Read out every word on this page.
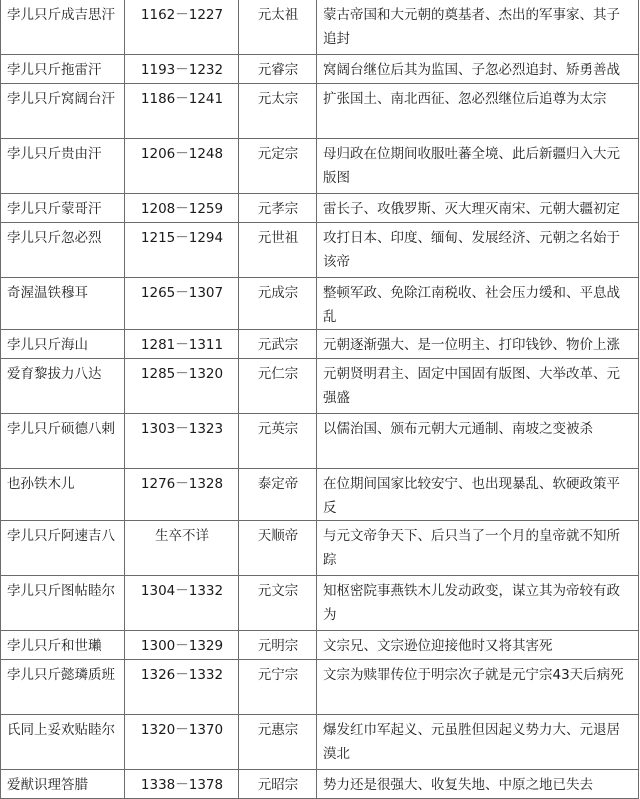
孛儿只斤成吉思汗	1162－1227	元太祖	蒙古帝国和大元朝的奠基者、杰出的军事家、其子追封
孛儿只斤拖雷汗	1193－1232	元睿宗	窝阔台继位后其为监国、子忽必烈追封、矫勇善战
孛儿只斤窝阔台汗	1186－1241	元太宗	扩张国土、南北西征、忽必烈继位后追尊为太宗
孛儿只斤贵由汗	1206－1248	元定宗	母归政在位期间收服吐蕃全境、此后新疆归入大元版图
孛儿只斤蒙哥汗	1208－1259	元孝宗	雷长子、攻俄罗斯、灭大理灭南宋、元朝大疆初定
孛儿只斤忽必烈	1215－1294	元世祖	攻打日本、印度、缅甸、发展经济、元朝之名始于该帝
奇渥温铁穆耳	1265－1307	元成宗	整顿军政、免除江南税收、社会压力缓和、平息战乱
孛儿只斤海山	1281－1311	元武宗	元朝逐渐强大、是一位明主、打印钱钞、物价上涨
爱育黎拔力八达	1285－1320	元仁宗	元朝贤明君主、固定中国固有版图、大举改革、元强盛
孛儿只斤硕德八剌	1303－1323	元英宗	以儒治国、颁布元朝大元通制、南坡之变被杀
也孙铁木儿	1276－1328	泰定帝	在位期间国家比较安宁、也出现暴乱、软硬政策平反
孛儿只斤阿速吉八	生卒不详	天顺帝	与元文帝争天下、后只当了一个月的皇帝就不知所踪
孛儿只斤图帖睦尔	1304－1332	元文宗	知枢密院事燕铁木儿发动政变，谋立其为帝较有政为
孛儿只斤和世瓎	1300－1329	元明宗	文宗兄、文宗逊位迎接他时又将其害死
孛儿只斤懿璘质班	1326－1332	元宁宗	文宗为赎罪传位于明宗次子就是元宁宗43天后病死
氏同上妥欢贴睦尔	1320－1370	元惠宗	爆发红巾军起义、元虽胜但因起义势力大、元退居漠北
爱猷识理答腊	1338－1378	元昭宗	势力还是很强大、收复失地、中原之地已失去
